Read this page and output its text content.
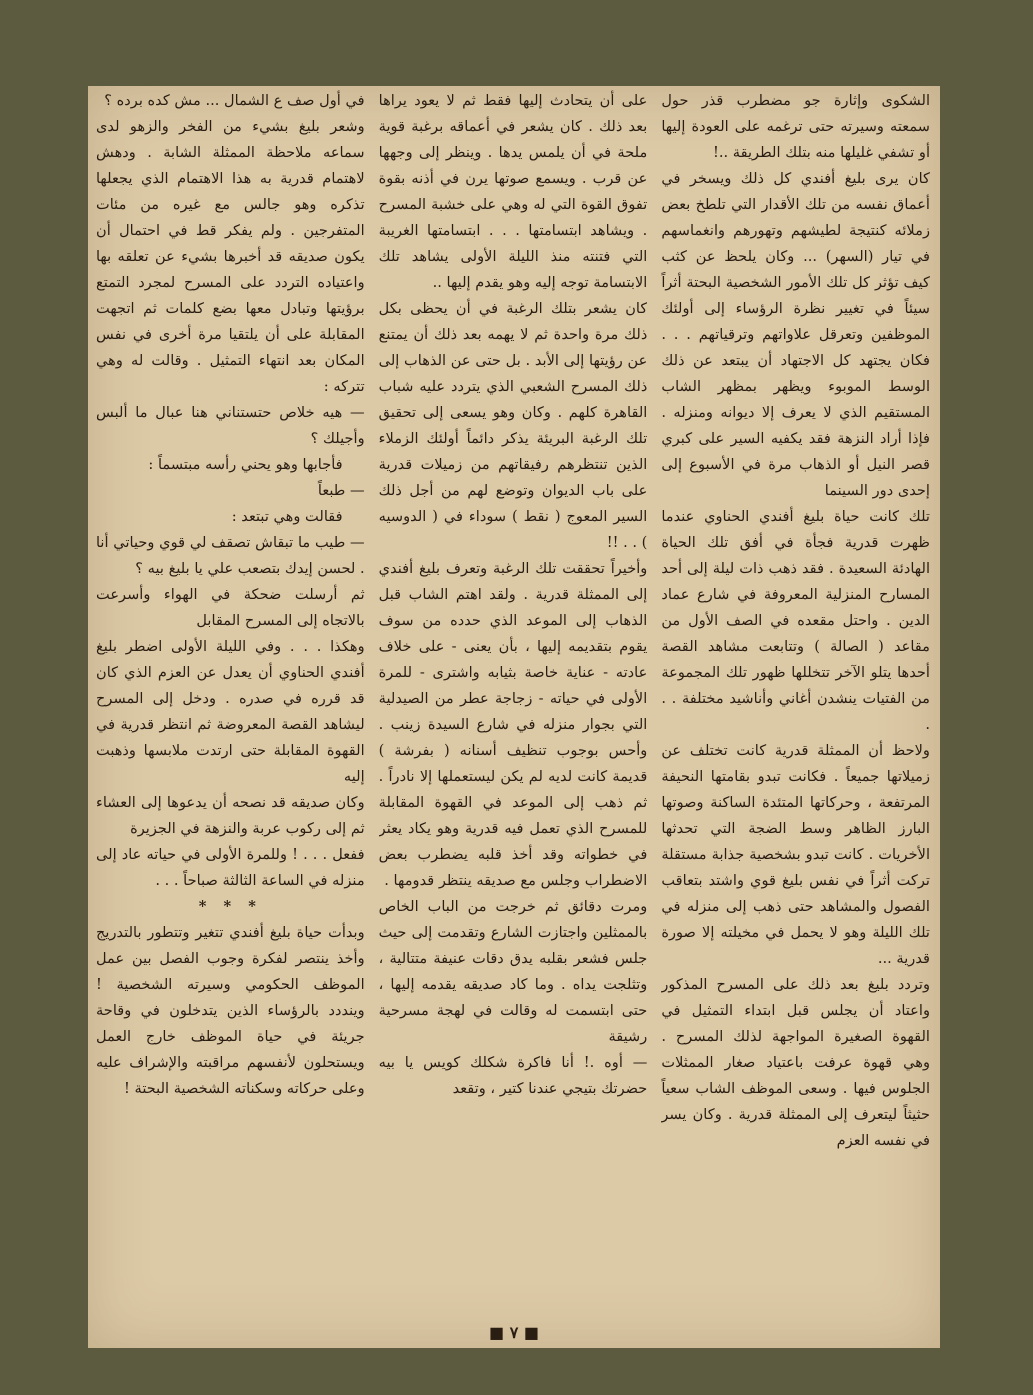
الشكوى وإثارة جو مضطرب قذر حول سمعته وسيرته حتى ترغمه على العودة إليها أو تشفي غليلها منه بتلك الطريقة ..!

كان يرى بليغ أفندي كل ذلك ويسخر في أعماق نفسه من تلك الأقدار التي تلطخ بعض زملائه كنتيجة لطيشهم وتهورهم وانغماسهم في تيار (السهر) ... وكان يلحظ عن كثب كيف تؤثر كل تلك الأمور الشخصية البحتة أثراً سيئاً في تغيير نظرة الرؤساء إلى أولئك الموظفين وتعرقل علاواتهم وترقياتهم . . . فكان يجتهد كل الاجتهاد أن يبتعد عن ذلك الوسط الموبوء ويظهر بمظهر الشاب المستقيم الذي لا يعرف إلا ديوانه ومنزله . فإذا أراد النزهة فقد يكفيه السير على كبري قصر النيل أو الذهاب مرة في الأسبوع إلى إحدى دور السينما

تلك كانت حياة بليغ أفندي الحناوي عندما ظهرت قدرية فجأة في أفق تلك الحياة الهادئة السعيدة . فقد ذهب ذات ليلة إلى أحد المسارح المنزلية المعروفة في شارع عماد الدين . واحتل مقعده في الصف الأول من مقاعد ( الصالة ) وتتابعت مشاهد القصة أحدها يتلو الآخر تتخللها ظهور تلك المجموعة من الفتيات ينشدن أغاني وأناشيد مختلفة . . .

ولاحظ أن الممثلة قدرية كانت تختلف عن زميلاتها جميعاً . فكانت تبدو بقامتها النحيفة المرتفعة ، وحركاتها المتئدة الساكنة وصوتها البارز الظاهر وسط الضجة التي تحدثها الأخريات . كانت تبدو بشخصية جذابة مستقلة تركت أثراً في نفس بليغ قوي واشتد بتعاقب الفصول والمشاهد حتى ذهب إلى منزله في تلك الليلة وهو لا يحمل في مخيلته إلا صورة قدرية ...

وتردد بليغ بعد ذلك على المسرح المذكور واعتاد أن يجلس قبل ابتداء التمثيل في القهوة الصغيرة المواجهة لذلك المسرح . وهي قهوة عرفت باعتياد صغار الممثلات الجلوس فيها . وسعى الموظف الشاب سعياً حثيثاً ليتعرف إلى الممثلة قدرية . وكان يسر في نفسه العزم

على أن يتحادث إليها فقط ثم لا يعود يراها بعد ذلك . كان يشعر في أعماقه برغبة قوية ملحة في أن يلمس يدها . وينظر إلى وجهها عن قرب . ويسمع صوتها يرن في أذنه بقوة تفوق القوة التي له وهي على خشبة المسرح . ويشاهد ابتسامتها . . . ابتسامتها الغريبة التي فتنته منذ الليلة الأولى يشاهد تلك الابتسامة توجه إليه وهو يقدم إليها ..

كان يشعر بتلك الرغبة في أن يحظى بكل ذلك مرة واحدة ثم لا يهمه بعد ذلك أن يمتنع عن رؤيتها إلى الأبد . بل حتى عن الذهاب إلى ذلك المسرح الشعبي الذي يتردد عليه شباب القاهرة كلهم . وكان وهو يسعى إلى تحقيق تلك الرغبة البريئة يذكر دائماً أولئك الزملاء الذين تنتظرهم رفيقاتهم من زميلات قدرية على باب الديوان وتوضع لهم من أجل ذلك السير المعوج ( نقط ) سوداء في ( الدوسيه ) . . !!

وأخيراً تحققت تلك الرغبة وتعرف بليغ أفندي إلى الممثلة قدرية . ولقد اهتم الشاب قبل الذهاب إلى الموعد الذي حدده من سوف يقوم بتقديمه إليها ، بأن يعنى - على خلاف عادته - عناية خاصة بثيابه واشترى - للمرة الأولى في حياته - زجاجة عطر من الصيدلية التي بجوار منزله في شارع السيدة زينب . وأحس بوجوب تنظيف أسنانه ( بفرشة ) قديمة كانت لديه لم يكن ليستعملها إلا نادراً . ثم ذهب إلى الموعد في القهوة المقابلة للمسرح الذي تعمل فيه قدرية وهو يكاد يعثر في خطواته وقد أخذ قلبه يضطرب بعض الاضطراب وجلس مع صديقه ينتظر قدومها .

ومرت دقائق ثم خرجت من الباب الخاص بالممثلين واجتازت الشارع وتقدمت إلى حيث جلس فشعر بقلبه يدق دقات عنيفة متتالية ، وتثلجت يداه . وما كاد صديقه يقدمه إليها ، حتى ابتسمت له وقالت في لهجة مسرحية رشيقة

— أوه .! أنا فاكرة شكلك كويس يا بيه حضرتك بتيجي عندنا كتير ، وتقعد

في أول صف ع الشمال ... مش كده برده ؟

وشعر بليغ بشيء من الفخر والزهو لدى سماعه ملاحظة الممثلة الشابة . ودهش لاهتمام قدرية به هذا الاهتمام الذي يجعلها تذكره وهو جالس مع غيره من مئات المتفرجين . ولم يفكر قط في احتمال أن يكون صديقه قد أخبرها بشيء عن تعلقه بها واعتياده التردد على المسرح لمجرد التمتع برؤيتها وتبادل معها بضع كلمات ثم اتجهت المقابلة على أن يلتقيا مرة أخرى في نفس المكان بعد انتهاء التمثيل . وقالت له وهي تتركه :

— هيه خلاص حتستناني هنا عبال ما ألبس وأجيلك ؟

فأجابها وهو يحني رأسه مبتسماً :

— طبعاً

فقالت وهي تبتعد :

— طيب ما تبقاش تصقف لي قوي وحياتي أنا . لحسن إيدك بتصعب علي يا بليغ بيه ؟

ثم أرسلت ضحكة في الهواء وأسرعت بالاتجاه إلى المسرح المقابل

وهكذا . . . وفي الليلة الأولى اضطر بليغ أفندي الحناوي أن يعدل عن العزم الذي كان قد قرره في صدره . ودخل إلى المسرح ليشاهد القصة المعروضة ثم انتظر قدرية في القهوة المقابلة حتى ارتدت ملابسها وذهبت إليه

وكان صديقه قد نصحه أن يدعوها إلى العشاء ثم إلى ركوب عربة والنزهة في الجزيرة

ففعل . . . ! وللمرة الأولى في حياته عاد إلى منزله في الساعة الثالثة صباحاً . . .

* * *

وبدأت حياة بليغ أفندي تتغير وتتطور بالتدريج وأخذ ينتصر لفكرة وجوب الفصل بين عمل الموظف الحكومي وسيرته الشخصية ! وينددد بالرؤساء الذين يتدخلون في وقاحة جريئة في حياة الموظف خارج العمل ويستحلون لأنفسهم مراقبته والإشراف عليه وعلى حركاته وسكناته الشخصية البحتة !

■ ٧ ■
